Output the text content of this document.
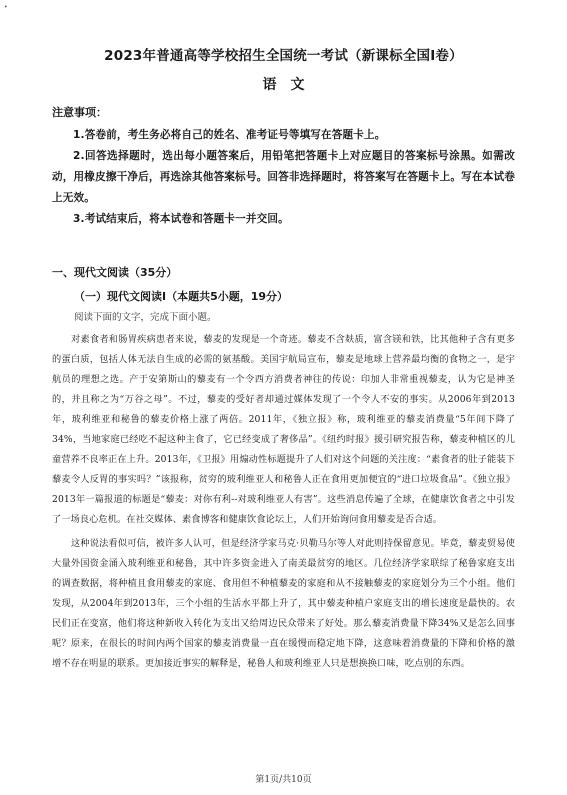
•
2023年普通高等学校招生全国统一考试（新课标全国Ⅰ卷）
语文

注意事项：

1.答卷前，考生务必将自己的姓名、准考证号等填写在答题卡上。

2.回答选择题时，选出每小题答案后，用铅笔把答题卡上对应题目的答案标号涂黑。如需改动，用橡皮擦干净后，再选涂其他答案标号。回答非选择题时，将答案写在答题卡上。写在本试卷上无效。

3.考试结束后，将本试卷和答题卡一并交回。

一、现代文阅读（35分）
（一）现代文阅读Ⅰ（本题共5小题，19分）
阅读下面的文字，完成下面小题。

对素食者和肠胃疾病患者来说，藜麦的发现是一个奇迹。藜麦不含麸质，富含镁和铁，比其他种子含有更多的蛋白质，包括人体无法自生成的必需的氨基酸。美国宇航局宣布，藜麦是地球上营养最均衡的食物之一，是宇航员的理想之选。产于安第斯山的藜麦有一个令西方消费者神往的传说：印加人非常重视藜麦，认为它是神圣的，并且称之为“万谷之母”。不过，藜麦的受好者却通过媒体发现了一个令人不安的事实。从2006年到2013年，玻利维亚和秘鲁的藜麦价格上涨了两倍。2011年，《独立报》称，玻利维亚的藜麦消费量“5年间下降了34%，当地家庭已经吃不起这种主食了，它已经变成了奢侈品”。《纽约时报》援引研究报告称，藜麦种植区的儿童营养不良率正在上升。2013年，《卫报》用煽动性标题提升了人们对这个问题的关注度：“素食者的肚子能装下藜麦令人反胃的事实吗？”该报称，贫穷的玻利维亚人和秘鲁人正在食用更加便宜的“进口垃圾食品”。《独立报》2013年一篇报道的标题是“藜麦：对你有利--对玻利维亚人有害”。这些消息传遍了全球，在健康饮食者之中引发了一场良心危机。在社交媒体、素食博客和健康饮食论坛上，人们开始询问食用藜麦是否合适。

这种说法看似可信，被许多人认可，但是经济学家马克·贝勒马尔等人对此则持保留意见。毕竟，藜麦贸易使大量外国资金涌入玻利维亚和秘鲁，其中许多资金进入了南美最贫穷的地区。几位经济学家联综了秘鲁家庭支出的调查数据，将种植且食用藜麦的家庭、食用但不种植藜麦的家庭和从不接触藜麦的家庭划分为三个小组。他们发现，从2004年到2013年，三个小组的生活水平都上升了，其中藜麦种植户家庭支出的增长速度是最快的。农民们正在变富，他们将这种新收入转化为支出又给周边民众带来了好处。那么藜麦消费量下降34%又是怎么回事呢？原来，在很长的时间内两个国家的藜麦消费量一直在缓慢而稳定地下降，这意味着消费量的下降和价格的激增不存在明显的联系。更加接近事实的解释是，秘鲁人和玻利维亚人只是想换换口味，吃点别的东西。

第1页/共10页
